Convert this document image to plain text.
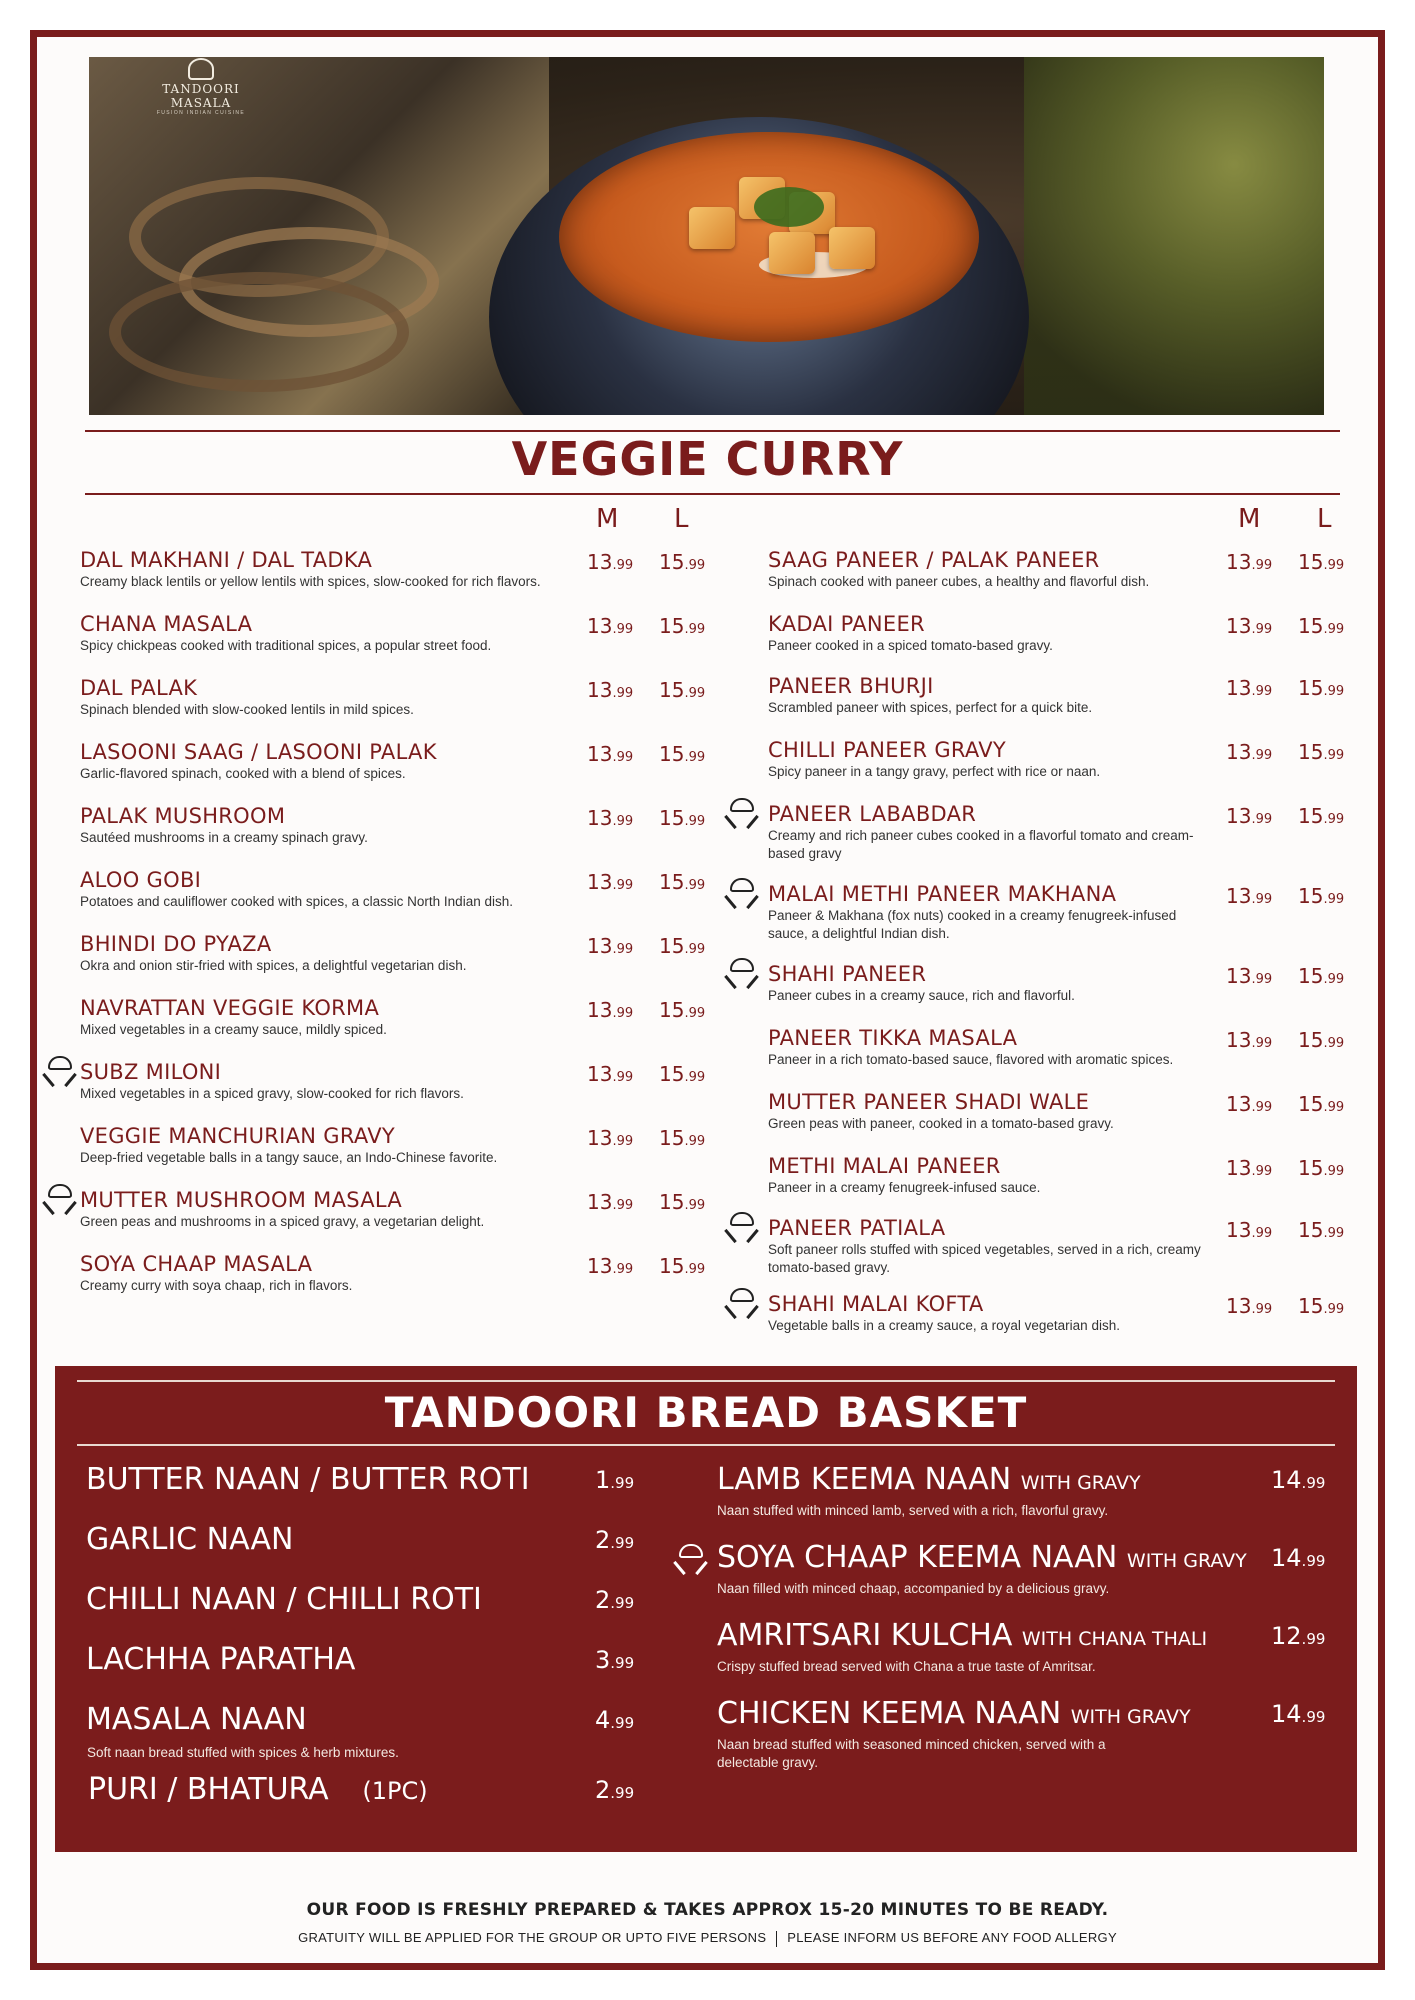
TANDOORI MASALA
FUSION INDIAN CUISINE
VEGGIE CURRY
M L	M L
DAL MAKHANI / DAL TADKA
Creamy black lentils or yellow lentils with spices, slow-cooked for rich flavors.
13.99 15.99
CHANA MASALA
Spicy chickpeas cooked with traditional spices, a popular street food.
13.99 15.99
DAL PALAK
Spinach blended with slow-cooked lentils in mild spices.
13.99 15.99
LASOONI SAAG / LASOONI PALAK
Garlic-flavored spinach, cooked with a blend of spices.
13.99 15.99
PALAK MUSHROOM
Sautéed mushrooms in a creamy spinach gravy.
13.99 15.99
ALOO GOBI
Potatoes and cauliflower cooked with spices, a classic North Indian dish.
13.99 15.99
BHINDI DO PYAZA
Okra and onion stir-fried with spices, a delightful vegetarian dish.
13.99 15.99
NAVRATTAN VEGGIE KORMA
Mixed vegetables in a creamy sauce, mildly spiced.
13.99 15.99
SUBZ MILONI
Mixed vegetables in a spiced gravy, slow-cooked for rich flavors.
13.99 15.99
VEGGIE MANCHURIAN GRAVY
Deep-fried vegetable balls in a tangy sauce, an Indo-Chinese favorite.
13.99 15.99
MUTTER MUSHROOM MASALA
Green peas and mushrooms in a spiced gravy, a vegetarian delight.
13.99 15.99
SOYA CHAAP MASALA
Creamy curry with soya chaap, rich in flavors.
13.99 15.99
SAAG PANEER / PALAK PANEER
Spinach cooked with paneer cubes, a healthy and flavorful dish.
13.99 15.99
KADAI PANEER
Paneer cooked in a spiced tomato-based gravy.
13.99 15.99
PANEER BHURJI
Scrambled paneer with spices, perfect for a quick bite.
13.99 15.99
CHILLI PANEER GRAVY
Spicy paneer in a tangy gravy, perfect with rice or naan.
13.99 15.99
PANEER LABABDAR
Creamy and rich paneer cubes cooked in a flavorful tomato and cream-based gravy
13.99 15.99
MALAI METHI PANEER MAKHANA
Paneer & Makhana (fox nuts) cooked in a creamy fenugreek-infused sauce, a delightful Indian dish.
13.99 15.99
SHAHI PANEER
Paneer cubes in a creamy sauce, rich and flavorful.
13.99 15.99
PANEER TIKKA MASALA
Paneer in a rich tomato-based sauce, flavored with aromatic spices.
13.99 15.99
MUTTER PANEER SHADI WALE
Green peas with paneer, cooked in a tomato-based gravy.
13.99 15.99
METHI MALAI PANEER
Paneer in a creamy fenugreek-infused sauce.
13.99 15.99
PANEER PATIALA
Soft paneer rolls stuffed with spiced vegetables, served in a rich, creamy tomato-based gravy.
13.99 15.99
SHAHI MALAI KOFTA
Vegetable balls in a creamy sauce, a royal vegetarian dish.
13.99 15.99
TANDOORI BREAD BASKET
BUTTER NAAN / BUTTER ROTI	1.99
GARLIC NAAN	2.99
CHILLI NAAN / CHILLI ROTI	2.99
LACHHA PARATHA	3.99
MASALA NAAN
Soft naan bread stuffed with spices & herb mixtures.
4.99
PURI / BHATURA (1PC)	2.99
LAMB KEEMA NAAN WITH GRAVY
Naan stuffed with minced lamb, served with a rich, flavorful gravy.
14.99
SOYA CHAAP KEEMA NAAN WITH GRAVY
Naan filled with minced chaap, accompanied by a delicious gravy.
14.99
AMRITSARI KULCHA WITH CHANA THALI
Crispy stuffed bread served with Chana a true taste of Amritsar.
12.99
CHICKEN KEEMA NAAN WITH GRAVY
Naan bread stuffed with seasoned minced chicken, served with a delectable gravy.
14.99
OUR FOOD IS FRESHLY PREPARED & TAKES APPROX 15-20 MINUTES TO BE READY.
GRATUITY WILL BE APPLIED FOR THE GROUP OR UPTO FIVE PERSONS PLEASE INFORM US BEFORE ANY FOOD ALLERGY
